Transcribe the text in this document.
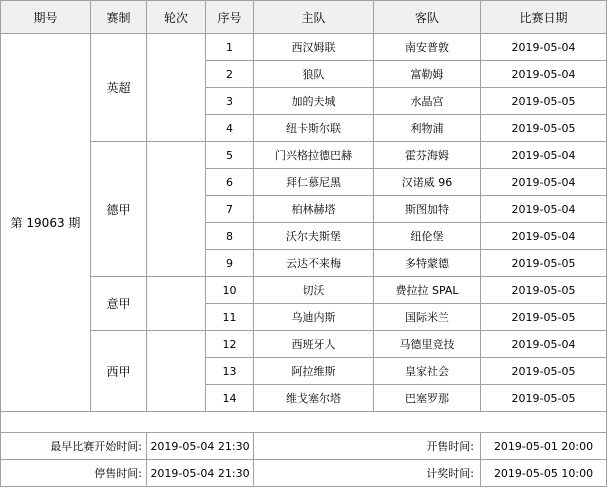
期号	赛制	轮次	序号	主队	客队	比赛日期
第 19063 期	英超		1	西汉姆联	南安普敦	2019-05-04
			2	狼队	富勒姆	2019-05-04
			3	加的夫城	水晶宫	2019-05-05
			4	纽卡斯尔联	利物浦	2019-05-05
	德甲		5	门兴格拉德巴赫	霍芬海姆	2019-05-04
			6	拜仁慕尼黑	汉诺威 96	2019-05-04
			7	柏林赫塔	斯图加特	2019-05-04
			8	沃尔夫斯堡	纽伦堡	2019-05-04
			9	云达不来梅	多特蒙德	2019-05-05
	意甲		10	切沃	费拉拉 SPAL	2019-05-05
			11	乌迪内斯	国际米兰	2019-05-05
	西甲		12	西班牙人	马德里竞技	2019-05-04
			13	阿拉维斯	皇家社会	2019-05-05
			14	维戈塞尔塔	巴塞罗那	2019-05-05

最早比赛开始时间:		2019-05-04 21:30		开售时间:		2019-05-01 20:00
停售时间:		2019-05-04 21:30		计奖时间:		2019-05-05 10:00
